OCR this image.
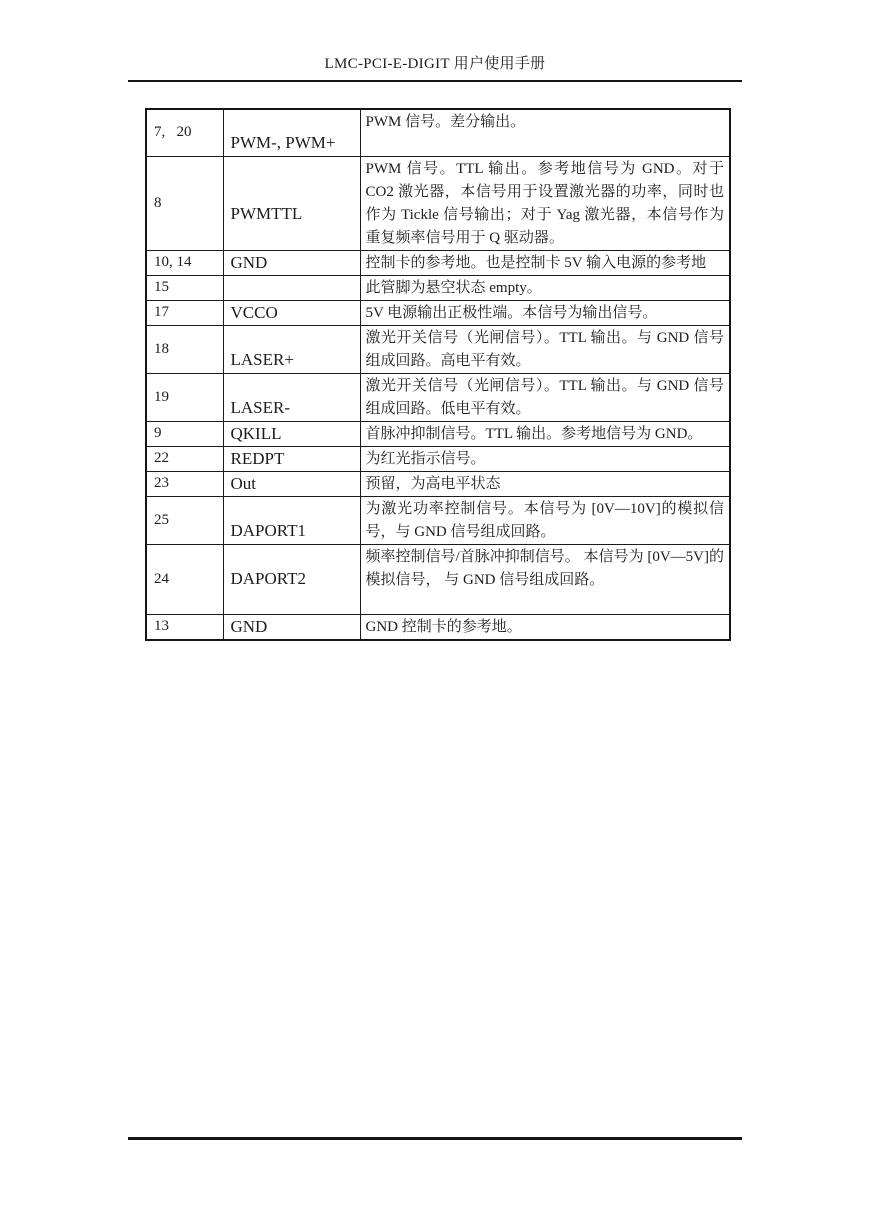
LMC-PCI-E-DIGIT 用户使用手册
7,   20	PWM-, PWM+	PWM 信号。差分输出。
8	PWMTTL	PWM 信号。TTL 输出。参考地信号为 GND。对于 CO2 激光器，本信号用于设置激光器的功率，同时也作为 Tickle 信号输出；对于 Yag 激光器，本信号作为重复频率信号用于 Q 驱动器。
10, 14	GND	控制卡的参考地。也是控制卡 5V 输入电源的参考地
15		此管脚为悬空状态 empty。
17	VCCO	5V 电源输出正极性端。本信号为输出信号。
18	LASER+	激光开关信号（光闸信号）。TTL 输出。与 GND 信号组成回路。高电平有效。
19	LASER-	激光开关信号（光闸信号）。TTL 输出。与 GND 信号组成回路。低电平有效。
9	QKILL	首脉冲抑制信号。TTL 输出。参考地信号为 GND。
22	REDPT	为红光指示信号。
23	Out	预留，为高电平状态
25	DAPORT1	为激光功率控制信号。本信号为 [0V—10V]的模拟信号，与 GND 信号组成回路。
24	DAPORT2	频率控制信号/首脉冲抑制信号。 本信号为 [0V—5V]的模拟信号， 与 GND 信号组成回路。
13	GND	GND 控制卡的参考地。
